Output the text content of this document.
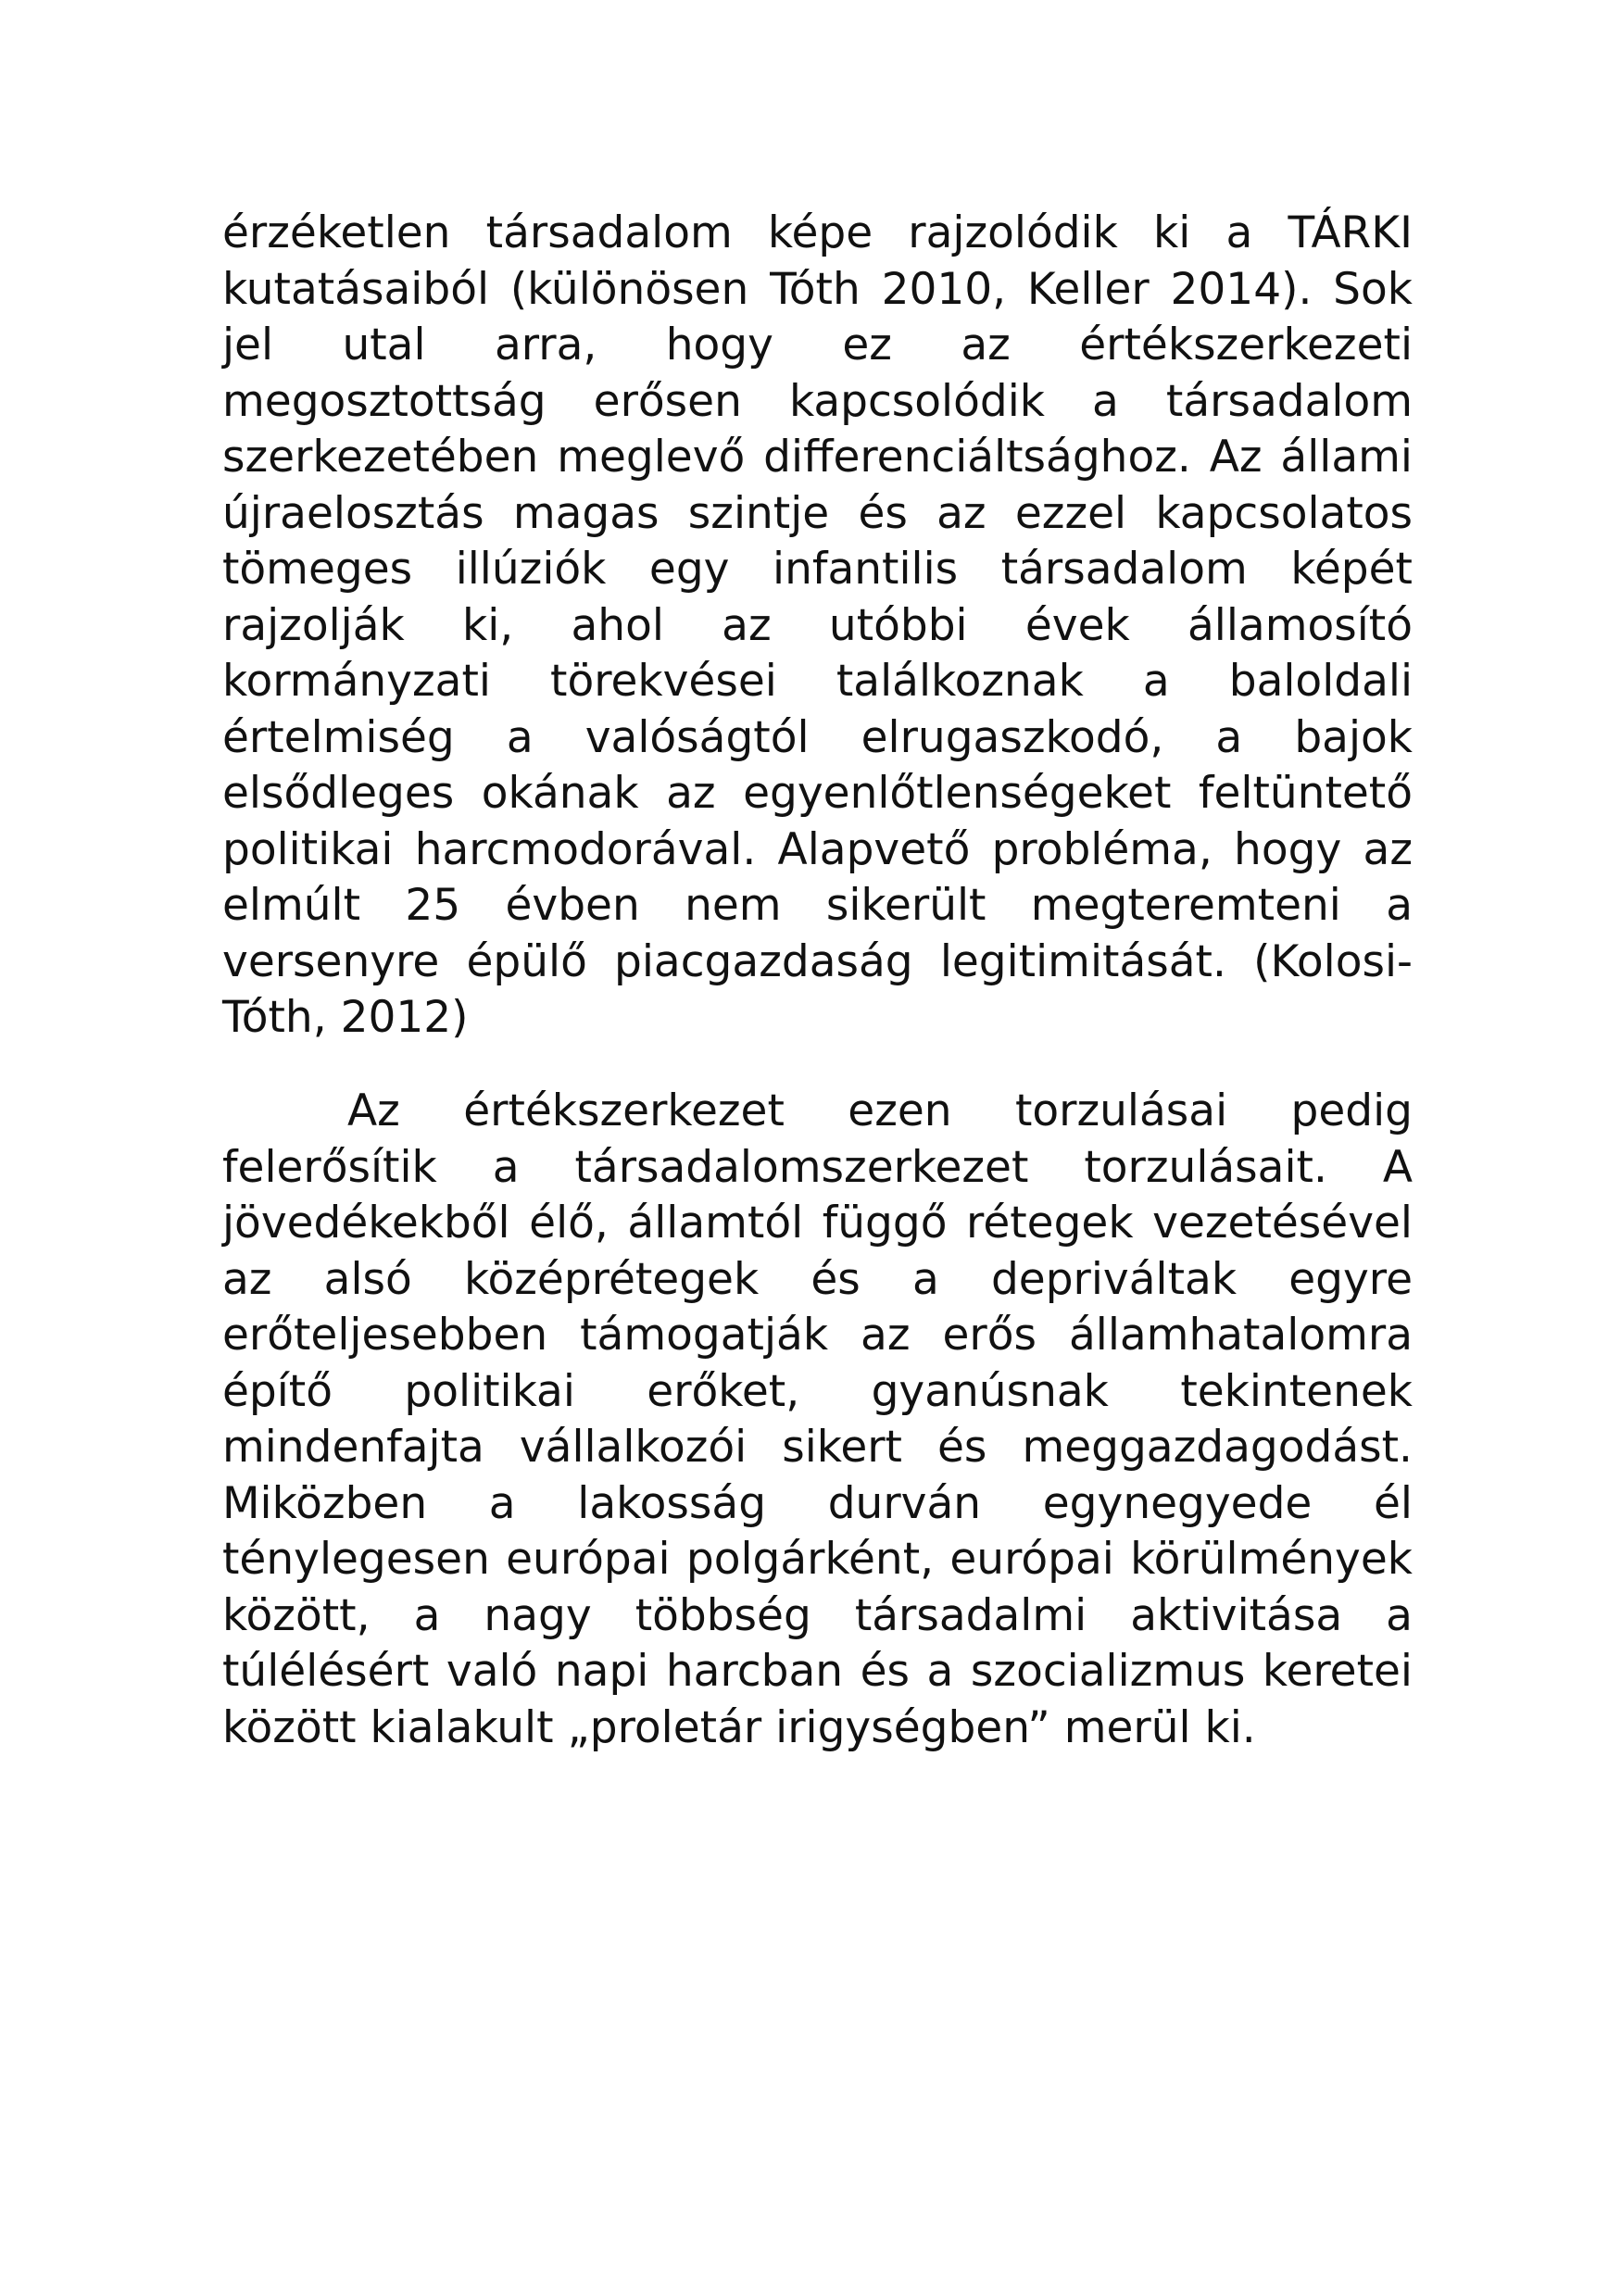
érzéketlen társadalom képe rajzolódik ki a TÁRKI kutatásaiból (különösen Tóth 2010, Keller 2014). Sok jel utal arra, hogy ez az értékszerkezeti megosztottság erősen kapcsolódik a társadalom szerkezetében meglevő differenciáltsághoz. Az állami újraelosztás magas szintje és az ezzel kapcsolatos tömeges illúziók egy infantilis társadalom képét rajzolják ki, ahol az utóbbi évek államosító kormányzati törekvései találkoznak a baloldali értelmiség a valóságtól elrugaszkodó, a bajok elsődleges okának az egyenlőtlenségeket feltüntető politikai harcmodorával. Alapvető probléma, hogy az elmúlt 25 évben nem sikerült megteremteni a versenyre épülő piacgazdaság legitimitását. (Kolosi-Tóth, 2012)

Az értékszerkezet ezen torzulásai pedig felerősítik a társadalomszerkezet torzulásait. A jövedékekből élő, államtól függő rétegek vezetésével az alsó középrétegek és a depriváltak egyre erőteljesebben támogatják az erős államhatalomra építő politikai erőket, gyanúsnak tekintenek mindenfajta vállalkozói sikert és meggazdagodást. Miközben a lakosság durván egynegyede él ténylegesen európai polgárként, európai körülmények között, a nagy többség társadalmi aktivitása a túlélésért való napi harcban és a szocializmus keretei között kialakult „proletár irigységben” merül ki.
